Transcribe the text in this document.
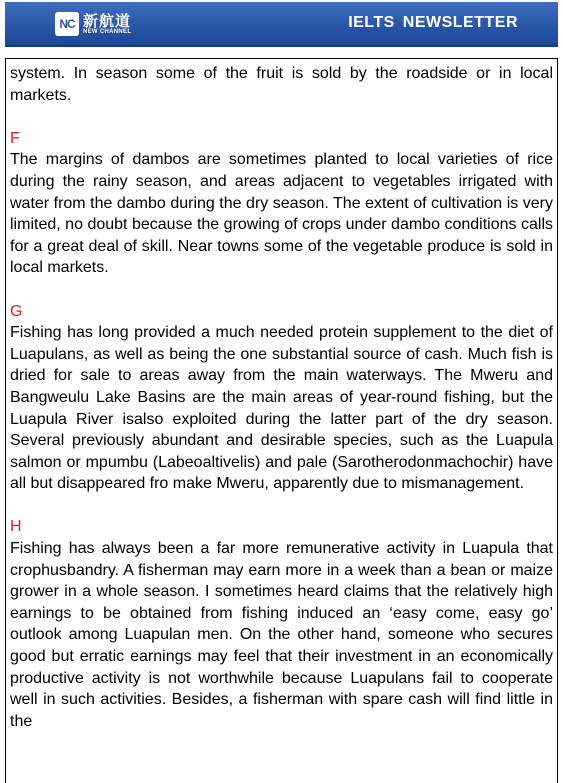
NC 新航道
NEW CHANNEL
IELTS NEWSLETTER

system. In season some of the fruit is sold by the roadside or in local markets.

F

The margins of dambos are sometimes planted to local varieties of rice during the rainy season, and areas adjacent to vegetables irrigated with water from the dambo during the dry season. The extent of cultivation is very limited, no doubt because the growing of crops under dambo conditions calls for a great deal of skill. Near towns some of the vegetable produce is sold in local markets.

G

Fishing has long provided a much needed protein supplement to the diet of Luapulans, as well as being the one substantial source of cash. Much fish is dried for sale to areas away from the main waterways. The Mweru and Bangweulu Lake Basins are the main areas of year-round fishing, but the Luapula River isalso exploited during the latter part of the dry season. Several previously abundant and desirable species, such as the Luapula salmon or mpumbu (Labeoaltivelis) and pale (Sarotherodonmachochir) have all but disappeared fro make Mweru, apparently due to mismanagement.

H

Fishing has always been a far more remunerative activity in Luapula that crophusbandry. A fisherman may earn more in a week than a bean or maize grower in a whole season. I sometimes heard claims that the relatively high earnings to be obtained from fishing induced an ‘easy come, easy go’ outlook among Luapulan men. On the other hand, someone who secures good but erratic earnings may feel that their investment in an economically productive activity is not worthwhile because Luapulans fail to cooperate well in such activities. Besides, a fisherman with spare cash will find little in the
